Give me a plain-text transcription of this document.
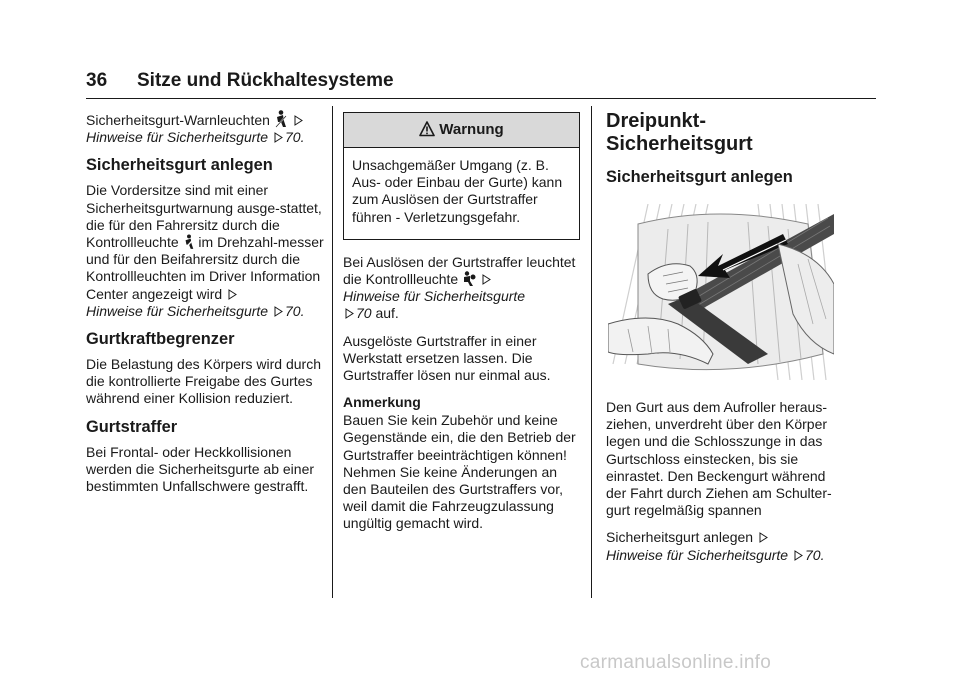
36 Sitze und Rückhaltesysteme

Sicherheitsgurt-Warnleuchten
Hinweise für Sicherheitsgurte 70.

Sicherheitsgurt anlegen

Die Vordersitze sind mit einer Sicherheitsgurtwarnung ausge-stattet, die für den Fahrersitz durch die Kontrollleuchte im Drehzahl-messer und für den Beifahrersitz durch die Kontrollleuchten im Driver Information Center angezeigt wird
Hinweise für Sicherheitsgurte 70.

Gurtkraftbegrenzer

Die Belastung des Körpers wird durch die kontrollierte Freigabe des Gurtes während einer Kollision reduziert.

Gurtstraffer

Bei Frontal- oder Heckkollisionen werden die Sicherheitsgurte ab einer bestimmten Unfallschwere gestrafft.

Warnung

Unsachgemäßer Umgang (z. B. Aus- oder Einbau der Gurte) kann zum Auslösen der Gurtstraffer führen - Verletzungsgefahr.

Bei Auslösen der Gurtstraffer leuchtet die Kontrollleuchte
Hinweise für Sicherheitsgurte
70 auf.

Ausgelöste Gurtstraffer in einer Werkstatt ersetzen lassen. Die Gurtstraffer lösen nur einmal aus.

Anmerkung

Bauen Sie kein Zubehör und keine Gegenstände ein, die den Betrieb der Gurtstraffer beeinträchtigen können! Nehmen Sie keine Änderungen an den Bauteilen des Gurtstraffers vor, weil damit die Fahrzeugzulassung ungültig gemacht wird.

Dreipunkt-Sicherheitsgurt
Sicherheitsgurt anlegen

Den Gurt aus dem Aufroller heraus-ziehen, unverdreht über den Körper legen und die Schlosszunge in das Gurtschloss einstecken, bis sie einrastet. Den Beckengurt während der Fahrt durch Ziehen am Schulter-gurt regelmäßig spannen

Sicherheitsgurt anlegen
Hinweise für Sicherheitsgurte 70.

carmanualsonline.info
